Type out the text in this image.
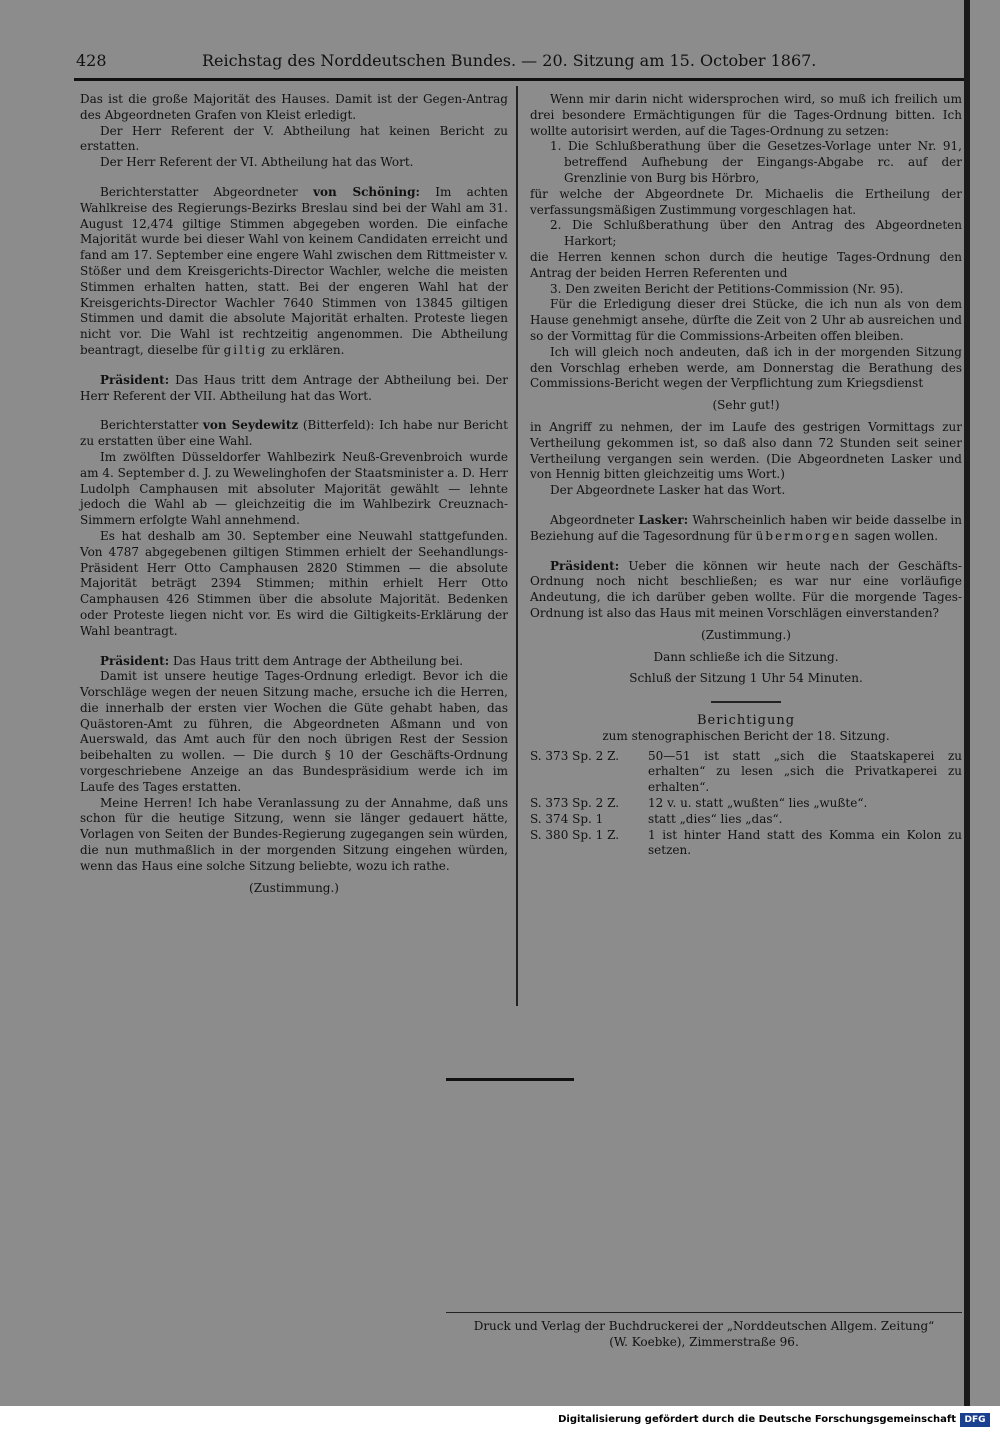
428	Reichstag des Norddeutschen Bundes. — 20. Sitzung am 15. October 1867.

Das ist die große Majorität des Hauses. Damit ist der Gegen-Antrag des Abgeordneten Grafen von Kleist erledigt.

Der Herr Referent der V. Abtheilung hat keinen Bericht zu erstatten.

Der Herr Referent der VI. Abtheilung hat das Wort.

Berichterstatter Abgeordneter von Schöning: Im achten Wahlkreise des Regierungs-Bezirks Breslau sind bei der Wahl am 31. August 12,474 giltige Stimmen abgegeben worden. Die einfache Majorität wurde bei dieser Wahl von keinem Candidaten erreicht und fand am 17. September eine engere Wahl zwischen dem Rittmeister v. Stößer und dem Kreisgerichts-Director Wachler, welche die meisten Stimmen erhalten hatten, statt. Bei der engeren Wahl hat der Kreisgerichts-Director Wachler 7640 Stimmen von 13845 giltigen Stimmen und damit die absolute Majorität erhalten. Proteste liegen nicht vor. Die Wahl ist rechtzeitig angenommen. Die Abtheilung beantragt, dieselbe für giltig zu erklären.

Präsident: Das Haus tritt dem Antrage der Abtheilung bei. Der Herr Referent der VII. Abtheilung hat das Wort.

Berichterstatter von Seydewitz (Bitterfeld): Ich habe nur Bericht zu erstatten über eine Wahl.

Im zwölften Düsseldorfer Wahlbezirk Neuß-Grevenbroich wurde am 4. September d. J. zu Wewelinghofen der Staatsminister a. D. Herr Ludolph Camphausen mit absoluter Majorität gewählt — lehnte jedoch die Wahl ab — gleichzeitig die im Wahlbezirk Creuznach-Simmern erfolgte Wahl annehmend.

Es hat deshalb am 30. September eine Neuwahl stattgefunden. Von 4787 abgegebenen giltigen Stimmen erhielt der Seehandlungs-Präsident Herr Otto Camphausen 2820 Stimmen — die absolute Majorität beträgt 2394 Stimmen; mithin erhielt Herr Otto Camphausen 426 Stimmen über die absolute Majorität. Bedenken oder Proteste liegen nicht vor. Es wird die Giltigkeits-Erklärung der Wahl beantragt.

Präsident: Das Haus tritt dem Antrage der Abtheilung bei.

Damit ist unsere heutige Tages-Ordnung erledigt. Bevor ich die Vorschläge wegen der neuen Sitzung mache, ersuche ich die Herren, die innerhalb der ersten vier Wochen die Güte gehabt haben, das Quästoren-Amt zu führen, die Abgeordneten Aßmann und von Auerswald, das Amt auch für den noch übrigen Rest der Session beibehalten zu wollen. — Die durch § 10 der Geschäfts-Ordnung vorgeschriebene Anzeige an das Bundespräsidium werde ich im Laufe des Tages erstatten.

Meine Herren! Ich habe Veranlassung zu der Annahme, daß uns schon für die heutige Sitzung, wenn sie länger gedauert hätte, Vorlagen von Seiten der Bundes-Regierung zugegangen sein würden, die nun muthmaßlich in der morgenden Sitzung eingehen würden, wenn das Haus eine solche Sitzung beliebte, wozu ich rathe.

(Zustimmung.)

Wenn mir darin nicht widersprochen wird, so muß ich freilich um drei besondere Ermächtigungen für die Tages-Ordnung bitten. Ich wollte autorisirt werden, auf die Tages-Ordnung zu setzen:

1. Die Schlußberathung über die Gesetzes-Vorlage unter Nr. 91, betreffend Aufhebung der Eingangs-Abgabe rc. auf der Grenzlinie von Burg bis Hörbro,

für welche der Abgeordnete Dr. Michaelis die Ertheilung der verfassungsmäßigen Zustimmung vorgeschlagen hat.

2. Die Schlußberathung über den Antrag des Abgeordneten Harkort;

die Herren kennen schon durch die heutige Tages-Ordnung den Antrag der beiden Herren Referenten und

3. Den zweiten Bericht der Petitions-Commission (Nr. 95).

Für die Erledigung dieser drei Stücke, die ich nun als von dem Hause genehmigt ansehe, dürfte die Zeit von 2 Uhr ab ausreichen und so der Vormittag für die Commissions-Arbeiten offen bleiben.

Ich will gleich noch andeuten, daß ich in der morgenden Sitzung den Vorschlag erheben werde, am Donnerstag die Berathung des Commissions-Bericht wegen der Verpflichtung zum Kriegsdienst

(Sehr gut!)

in Angriff zu nehmen, der im Laufe des gestrigen Vormittags zur Vertheilung gekommen ist, so daß also dann 72 Stunden seit seiner Vertheilung vergangen sein werden. (Die Abgeordneten Lasker und von Hennig bitten gleichzeitig ums Wort.)

Der Abgeordnete Lasker hat das Wort.

Abgeordneter Lasker: Wahrscheinlich haben wir beide dasselbe in Beziehung auf die Tagesordnung für übermorgen sagen wollen.

Präsident: Ueber die können wir heute nach der Geschäfts-Ordnung noch nicht beschließen; es war nur eine vorläufige Andeutung, die ich darüber geben wollte. Für die morgende Tages-Ordnung ist also das Haus mit meinen Vorschlägen einverstanden?

(Zustimmung.)

Dann schließe ich die Sitzung.

Schluß der Sitzung 1 Uhr 54 Minuten.

Berichtigung
zum stenographischen Bericht der 18. Sitzung.
S. 373 Sp. 2 Z.	50—51 ist statt „sich die Staatskaperei zu erhalten“ zu lesen „sich die Privatkaperei zu erhalten“.
S. 373 Sp. 2 Z.	12 v. u. statt „wußten“ lies „wußte“.
S. 374 Sp. 1	statt „dies“ lies „das“.
S. 380 Sp. 1 Z.	1 ist hinter Hand statt des Komma ein Kolon zu setzen.
Druck und Verlag der Buchdruckerei der „Norddeutschen Allgem. Zeitung“
(W. Koebke), Zimmerstraße 96.
Digitalisierung gefördert durch die Deutsche Forschungsgemeinschaft DFG
